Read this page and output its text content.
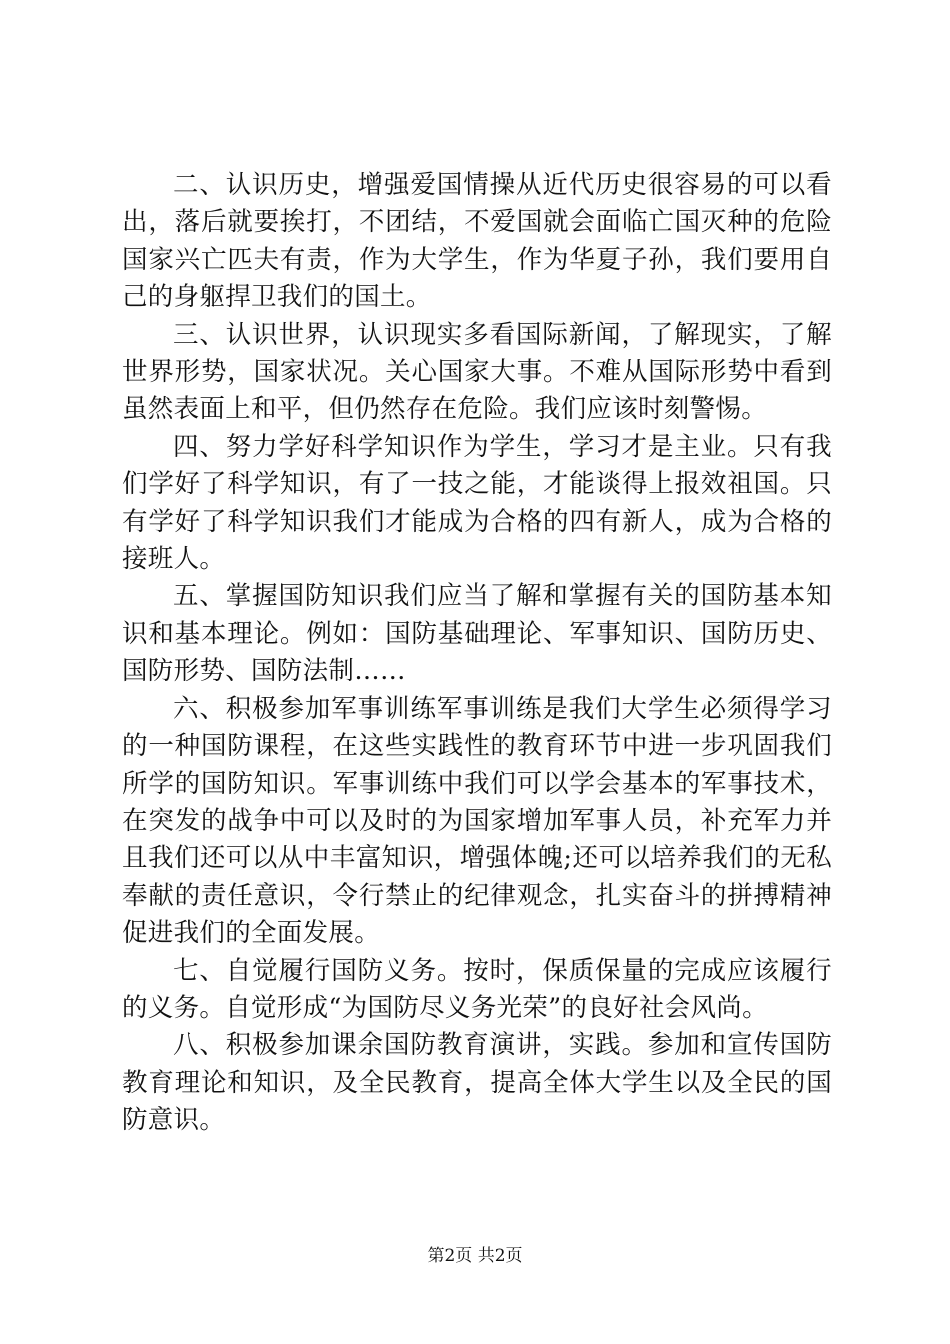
二、认识历史，增强爱国情操从近代历史很容易的可以看出，落后就要挨打，不团结，不爱国就会面临亡国灭种的危险国家兴亡匹夫有责，作为大学生，作为华夏子孙，我们要用自己的身躯捍卫我们的国土。

三、认识世界，认识现实多看国际新闻，了解现实，了解世界形势，国家状况。关心国家大事。不难从国际形势中看到虽然表面上和平，但仍然存在危险。我们应该时刻警惕。

四、努力学好科学知识作为学生，学习才是主业。只有我们学好了科学知识，有了一技之能，才能谈得上报效祖国。只有学好了科学知识我们才能成为合格的四有新人，成为合格的接班人。

五、掌握国防知识我们应当了解和掌握有关的国防基本知识和基本理论。例如：国防基础理论、军事知识、国防历史、国防形势、国防法制……

六、积极参加军事训练军事训练是我们大学生必须得学习的一种国防课程，在这些实践性的教育环节中进一步巩固我们所学的国防知识。军事训练中我们可以学会基本的军事技术，在突发的战争中可以及时的为国家增加军事人员，补充军力并且我们还可以从中丰富知识，增强体魄;还可以培养我们的无私奉献的责任意识，令行禁止的纪律观念，扎实奋斗的拼搏精神促进我们的全面发展。

七、自觉履行国防义务。按时，保质保量的完成应该履行的义务。自觉形成“为国防尽义务光荣”的良好社会风尚。

八、积极参加课余国防教育演讲，实践。参加和宣传国防教育理论和知识，及全民教育，提高全体大学生以及全民的国防意识。

第2页 共2页
